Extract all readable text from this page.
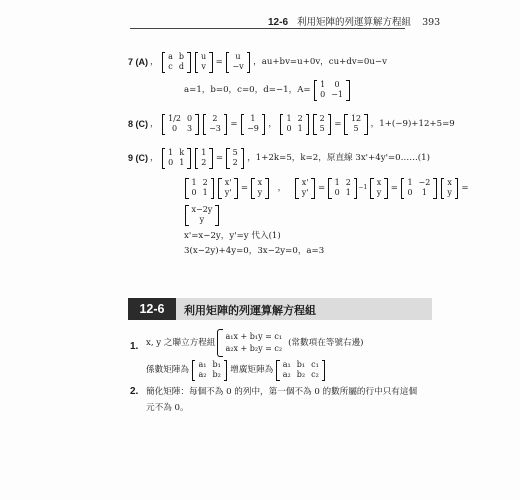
12-6 利用矩陣的列運算解方程組 393
7 (A) ，
a	b
c	d
u
v =
u
−v ，au+bv=u+0v，cu+dv=0u−v
a=1，b=0，c=0，d=−1，A=
1	0
0	−1
8 (C) ，
1/2	0
0	3
2
−3 =
1
−9 ，
1	2
0	1
2
5 =
12
5 ，1+(−9)+12+5=9
9 (C) ，
1	k
0	1
1
2 =
5
2 ，1+2k=5，k=2，原直線 3x'+4y'=0……(1)
1	2
0	1
x'
y' =
x
y ，
x'
y' =
1	2
0	1
−1
x
y =
1	−2
0	1
x
y =
x−2y
y
x'=x−2y，y'=y 代入(1)
3(x−2y)+4y=0，3x−2y=0，a=3
12-6	利用矩陣的列運算解方程組
1. x, y 之聯立方程組
a₁x + b₁y = c₁
a₂x + b₂y = c₂
(常數項在等號右邊)
係數矩陣為
a₁	b₁
a₂	b₂ 增廣矩陣為
a₁	b₁	c₁
a₂	b₂	c₂
2. 簡化矩陣：每個不為 0 的列中，第一個不為 0 的數所屬的行中只有這個
元不為 0。
